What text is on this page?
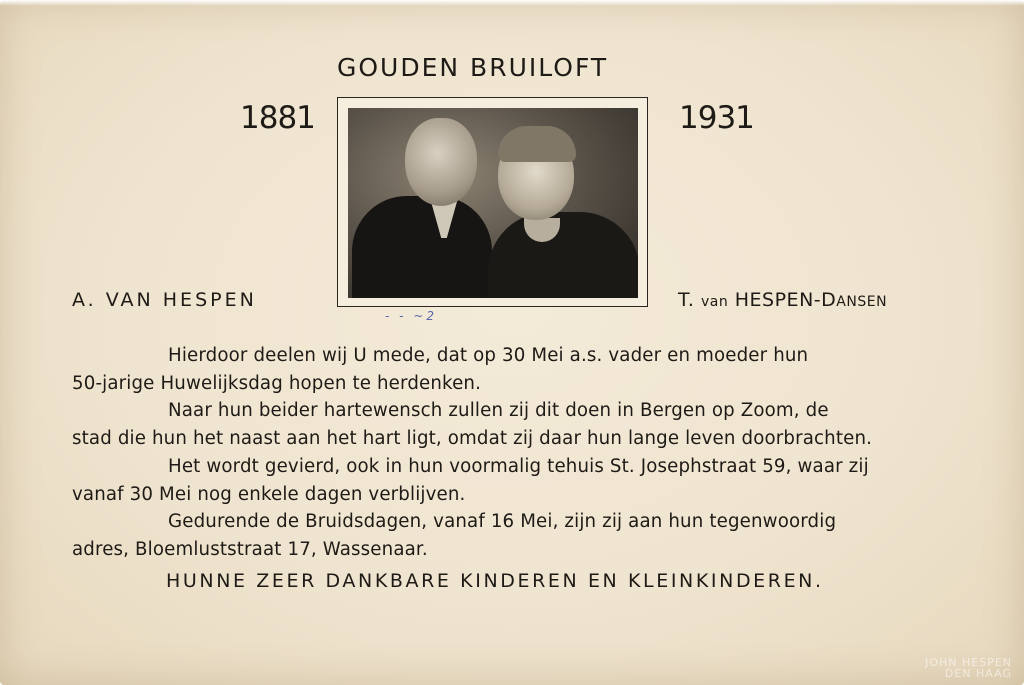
GOUDEN BRUILOFT
1881	1931
A. VAN HESPEN	T. van HESPEN-DANSEN
- - ~2
Hierdoor deelen wij U mede, dat op 30 Mei a.s. vader en moeder hun
50-jarige Huwelijksdag hopen te herdenken.
Naar hun beider hartewensch zullen zij dit doen in Bergen op Zoom, de
stad die hun het naast aan het hart ligt, omdat zij daar hun lange leven doorbrachten.
Het wordt gevierd, ook in hun voormalig tehuis St. Josephstraat 59, waar zij
vanaf 30 Mei nog enkele dagen verblijven.
Gedurende de Bruidsdagen, vanaf 16 Mei, zijn zij aan hun tegenwoordig
adres, Bloemluststraat 17, Wassenaar.
HUNNE ZEER DANKBARE KINDEREN EN KLEINKINDEREN.
JOHN HESPEN
DEN HAAG
